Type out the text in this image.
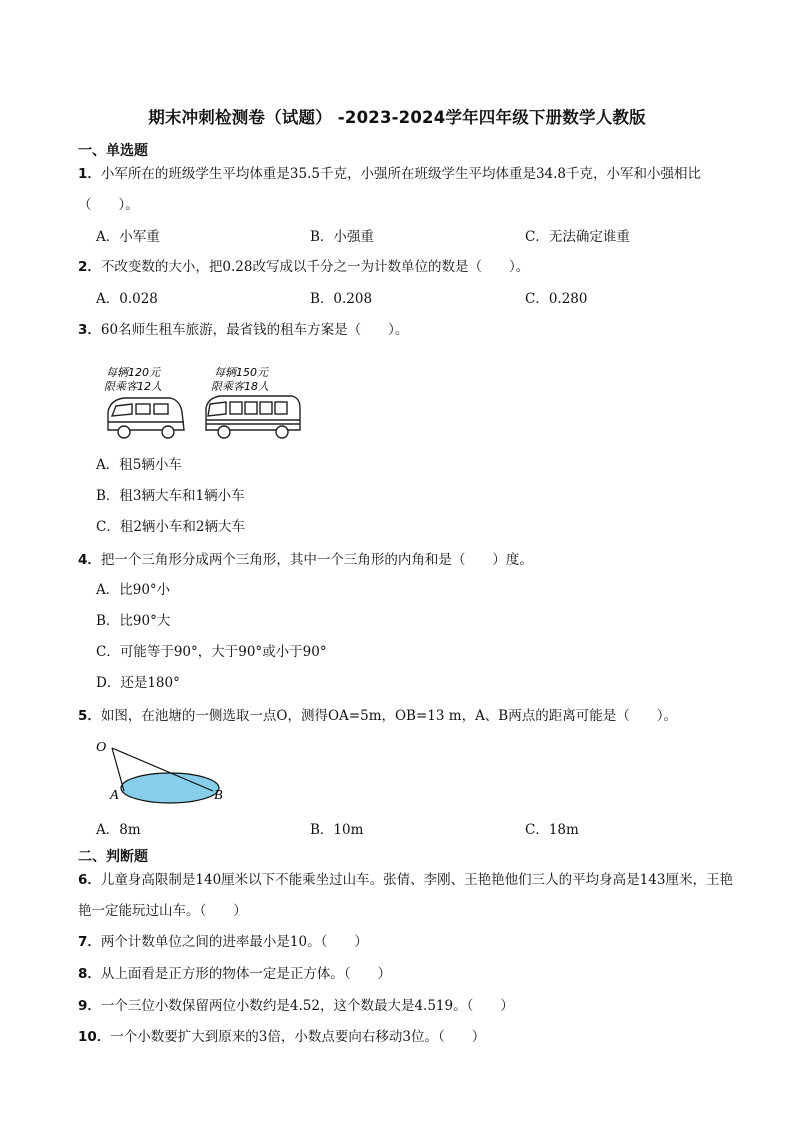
期末冲刺检测卷（试题） -2023-2024学年四年级下册数学人教版
一、单选题
1．小军所在的班级学生平均体重是35.5千克，小强所在班级学生平均体重是34.8千克，小军和小强相比（　　）。
A．小军重	B．小强重	C．无法确定谁重
2．不改变数的大小，把0.28改写成以千分之一为计数单位的数是（　　）。
A．0.028	B．0.208	C．0.280
3．60名师生租车旅游，最省钱的租车方案是（　　）。
每辆120元
限乘客12人
每辆150元
限乘客18人
A．租5辆小车
B．租3辆大车和1辆小车
C．租2辆小车和2辆大车
4．把一个三角形分成两个三角形，其中一个三角形的内角和是（　　）度。
A．比90°小
B．比90°大
C．可能等于90°，大于90°或小于90°
D．还是180°
5．如图，在池塘的一侧选取一点O，测得OA=5m，OB=13 m，A、B两点的距离可能是（　　）。
O
A	B
A．8m	B．10m	C．18m
二、判断题
6．儿童身高限制是140厘米以下不能乘坐过山车。张倩、李刚、王艳艳他们三人的平均身高是143厘米，王艳艳一定能玩过山车。（　　）
7．两个计数单位之间的进率最小是10。（　　）
8．从上面看是正方形的物体一定是正方体。（　　）
9．一个三位小数保留两位小数约是4.52，这个数最大是4.519。（　　）
10．一个小数要扩大到原来的3倍，小数点要向右移动3位。（　　）
